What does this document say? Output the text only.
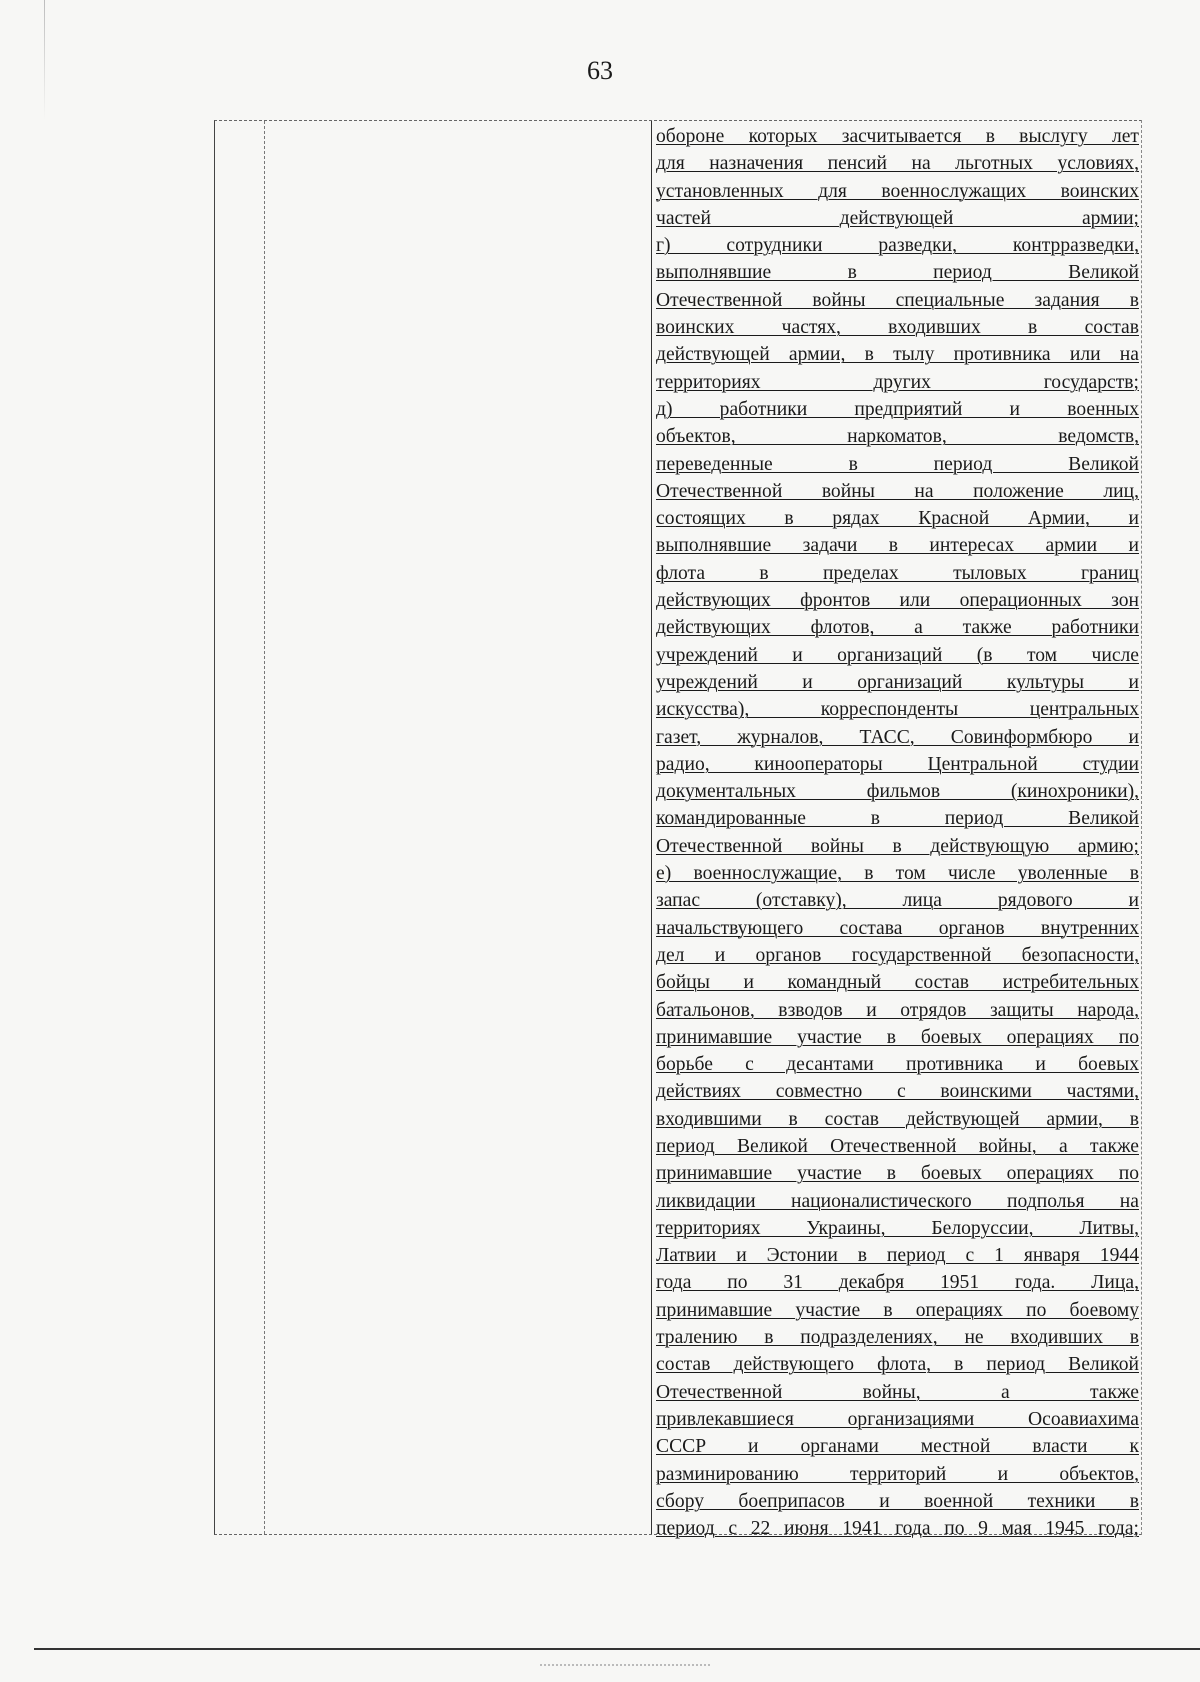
63

обороне которых засчитывается в выслугу лет

для назначения пенсий на льготных условиях,

установленных для военнослужащих воинских

частей действующей армии;

г) сотрудники разведки, контрразведки,

выполнявшие в период Великой

Отечественной войны специальные задания в

воинских частях, входивших в состав

действующей армии, в тылу противника или на

территориях других государств;

д) работники предприятий и военных

объектов, наркоматов, ведомств,

переведенные в период Великой

Отечественной войны на положение лиц,

состоящих в рядах Красной Армии, и

выполнявшие задачи в интересах армии и

флота в пределах тыловых границ

действующих фронтов или операционных зон

действующих флотов, а также работники

учреждений и организаций (в том числе

учреждений и организаций культуры и

искусства), корреспонденты центральных

газет, журналов, ТАСС, Совинформбюро и

радио, кинооператоры Центральной студии

документальных фильмов (кинохроники),

командированные в период Великой

Отечественной войны в действующую армию;

е) военнослужащие, в том числе уволенные в

запас (отставку), лица рядового и

начальствующего состава органов внутренних

дел и органов государственной безопасности,

бойцы и командный состав истребительных

батальонов, взводов и отрядов защиты народа,

принимавшие участие в боевых операциях по

борьбе с десантами противника и боевых

действиях совместно с воинскими частями,

входившими в состав действующей армии, в

период Великой Отечественной войны, а также

принимавшие участие в боевых операциях по

ликвидации националистического подполья на

территориях Украины, Белоруссии, Литвы,

Латвии и Эстонии в период с 1 января 1944

года по 31 декабря 1951 года. Лица,

принимавшие участие в операциях по боевому

тралению в подразделениях, не входивших в

состав действующего флота, в период Великой

Отечественной войны, а также

привлекавшиеся организациями Осоавиахима

СССР и органами местной власти к

разминированию территорий и объектов,

сбору боеприпасов и военной техники в

период с 22 июня 1941 года по 9 мая 1945 года;
